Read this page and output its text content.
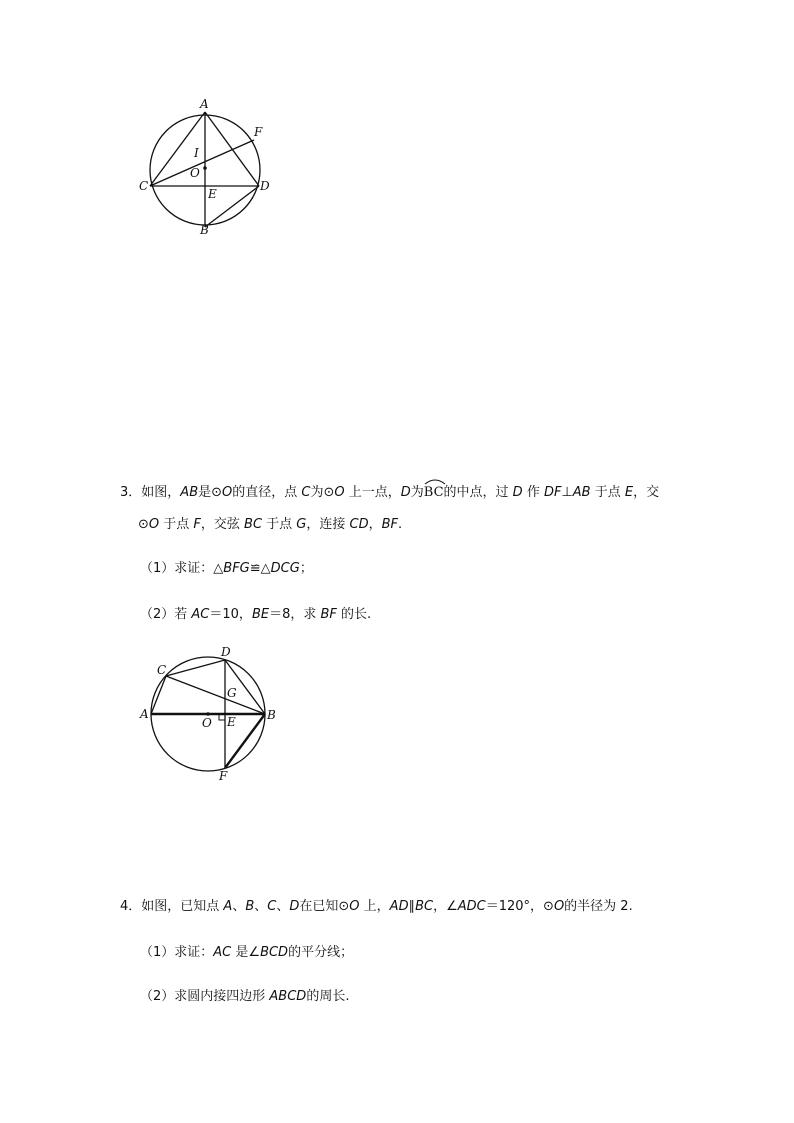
A
F
I
O
C	D
E
B
3．如图，AB是⊙O的直径，点 C为⊙O 上一点，D为
BC的中点，过 D 作 DF⊥AB 于点 E，交
⊙O 于点 F，交弦 BC 于点 G，连接 CD，BF.
（1）求证：△BFG≌△DCG；
（2）若 AC＝10，BE＝8，求 BF 的长.
D
C
G
A
O E	B
F
4．如图，已知点 A、B、C、D在已知⊙O 上，AD∥BC，∠ADC＝120°，⊙O的半径为 2.
（1）求证：AC 是∠BCD的平分线；
（2）求圆内接四边形 ABCD的周长.
